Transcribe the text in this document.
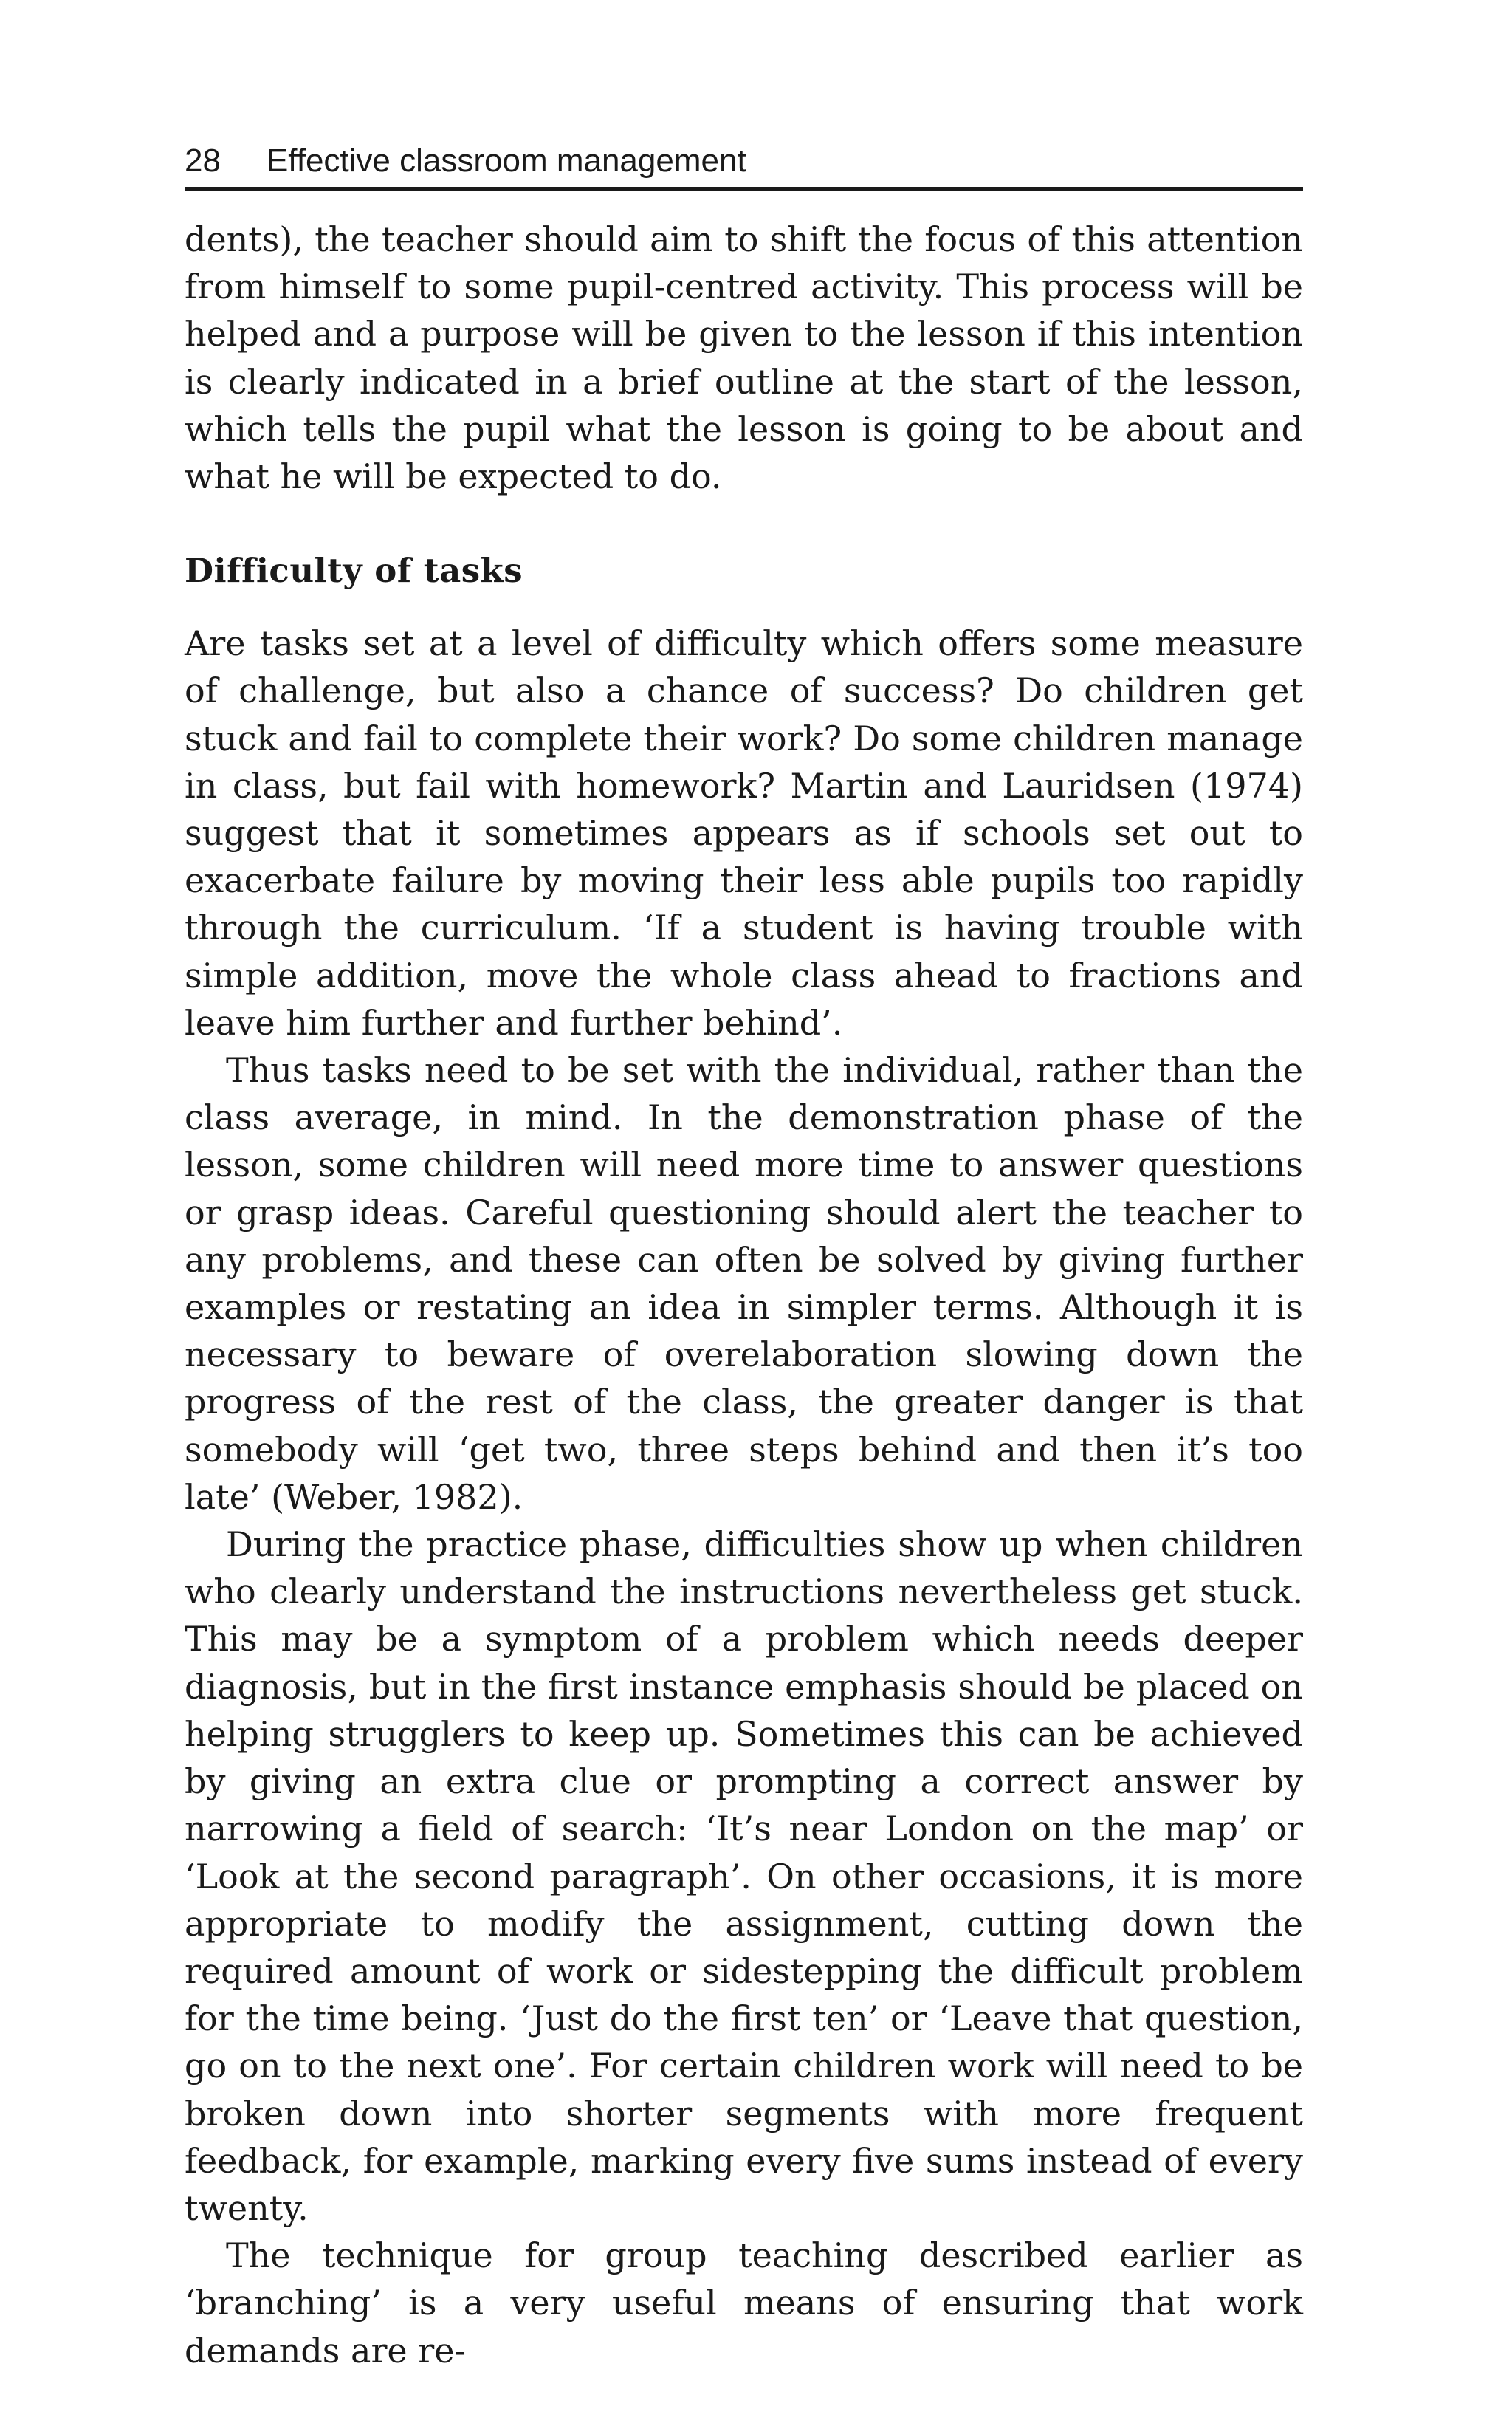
28 Effective classroom management

dents), the teacher should aim to shift the focus of this attention from himself to some pupil-centred activity. This process will be helped and a purpose will be given to the lesson if this intention is clearly indicated in a brief outline at the start of the lesson, which tells the pupil what the lesson is going to be about and what he will be expected to do.

Difficulty of tasks

Are tasks set at a level of difficulty which offers some measure of challenge, but also a chance of success? Do children get stuck and fail to complete their work? Do some children manage in class, but fail with homework? Martin and Lauridsen (1974) suggest that it sometimes appears as if schools set out to exacerbate failure by moving their less able pupils too rapidly through the curriculum. ‘If a student is having trouble with simple addition, move the whole class ahead to fractions and leave him further and further behind’.

Thus tasks need to be set with the individual, rather than the class average, in mind. In the demonstration phase of the lesson, some children will need more time to answer questions or grasp ideas. Careful questioning should alert the teacher to any problems, and these can often be solved by giving further examples or restating an idea in simpler terms. Although it is necessary to beware of overelaboration slowing down the progress of the rest of the class, the greater danger is that somebody will ‘get two, three steps behind and then it’s too late’ (Weber, 1982).

During the practice phase, difficulties show up when children who clearly understand the instructions nevertheless get stuck. This may be a symptom of a problem which needs deeper diagnosis, but in the first instance emphasis should be placed on helping strugglers to keep up. Sometimes this can be achieved by giving an extra clue or prompting a correct answer by narrowing a field of search: ‘It’s near London on the map’ or ‘Look at the second paragraph’. On other occasions, it is more appropriate to modify the assignment, cutting down the required amount of work or sidestepping the difficult problem for the time being. ‘Just do the first ten’ or ‘Leave that question, go on to the next one’. For certain children work will need to be broken down into shorter segments with more frequent feedback, for example, marking every five sums instead of every twenty.

The technique for group teaching described earlier as ‘branching’ is a very useful means of ensuring that work demands are re-
